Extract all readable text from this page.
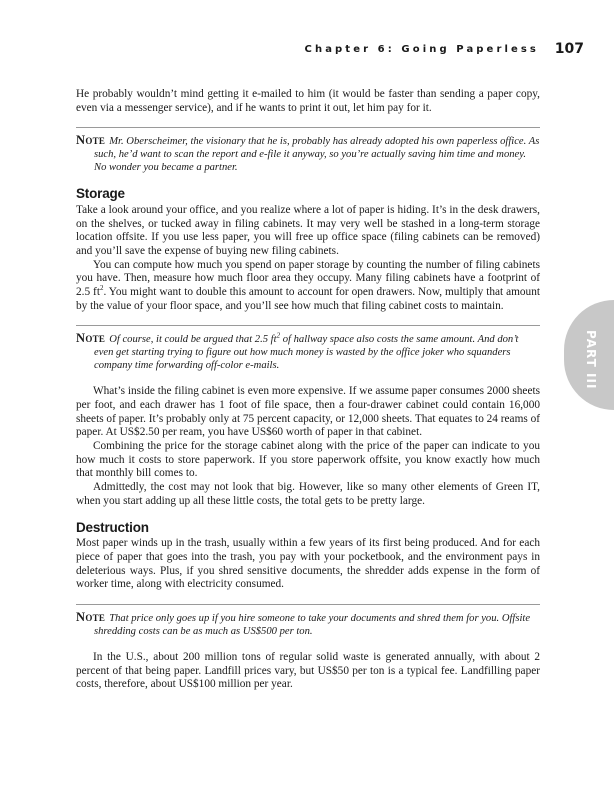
Chapter 6: Going Paperless 107
PART III

He probably wouldn’t mind getting it e-mailed to him (it would be faster than sending a paper copy, even via a messenger service), and if he wants to print it out, let him pay for it.

Note Mr. Oberscheimer, the visionary that he is, probably has already adopted his own paperless office. As such, he’d want to scan the report and e-file it anyway, so you’re actually saving him time and money. No wonder you became a partner.
Storage

Take a look around your office, and you realize where a lot of paper is hiding. It’s in the desk drawers, on the shelves, or tucked away in filing cabinets. It may very well be stashed in a long-term storage location offsite. If you use less paper, you will free up office space (filing cabinets can be removed) and you’ll save the expense of buying new filing cabinets.

You can compute how much you spend on paper storage by counting the number of filing cabinets you have. Then, measure how much floor area they occupy. Many filing cabinets have a footprint of 2.5 $ft^2$. You might want to double this amount to account for open drawers. Now, multiply that amount by the value of your floor space, and you’ll see how much that filing cabinet costs to maintain.

Note Of course, it could be argued that 2.5 $ft^2$ of hallway space also costs the same amount. And don’t even get starting trying to figure out how much money is wasted by the office joker who squanders company time forwarding off-color e-mails.

What’s inside the filing cabinet is even more expensive. If we assume paper consumes 2000 sheets per foot, and each drawer has 1 foot of file space, then a four-drawer cabinet could contain 16,000 sheets of paper. It’s probably only at 75 percent capacity, or 12,000 sheets. That equates to 24 reams of paper. At US$2.50 per ream, you have US$60 worth of paper in that cabinet.

Combining the price for the storage cabinet along with the price of the paper can indicate to you how much it costs to store paperwork. If you store paperwork offsite, you know exactly how much that monthly bill comes to.

Admittedly, the cost may not look that big. However, like so many other elements of Green IT, when you start adding up all these little costs, the total gets to be pretty large.

Destruction

Most paper winds up in the trash, usually within a few years of its first being produced. And for each piece of paper that goes into the trash, you pay with your pocketbook, and the environment pays in deleterious ways. Plus, if you shred sensitive documents, the shredder adds expense in the form of worker time, along with electricity consumed.

Note That price only goes up if you hire someone to take your documents and shred them for you. Offsite shredding costs can be as much as US$500 per ton.

In the U.S., about 200 million tons of regular solid waste is generated annually, with about 2 percent of that being paper. Landfill prices vary, but US$50 per ton is a typical fee. Landfilling paper costs, therefore, about US$100 million per year.
